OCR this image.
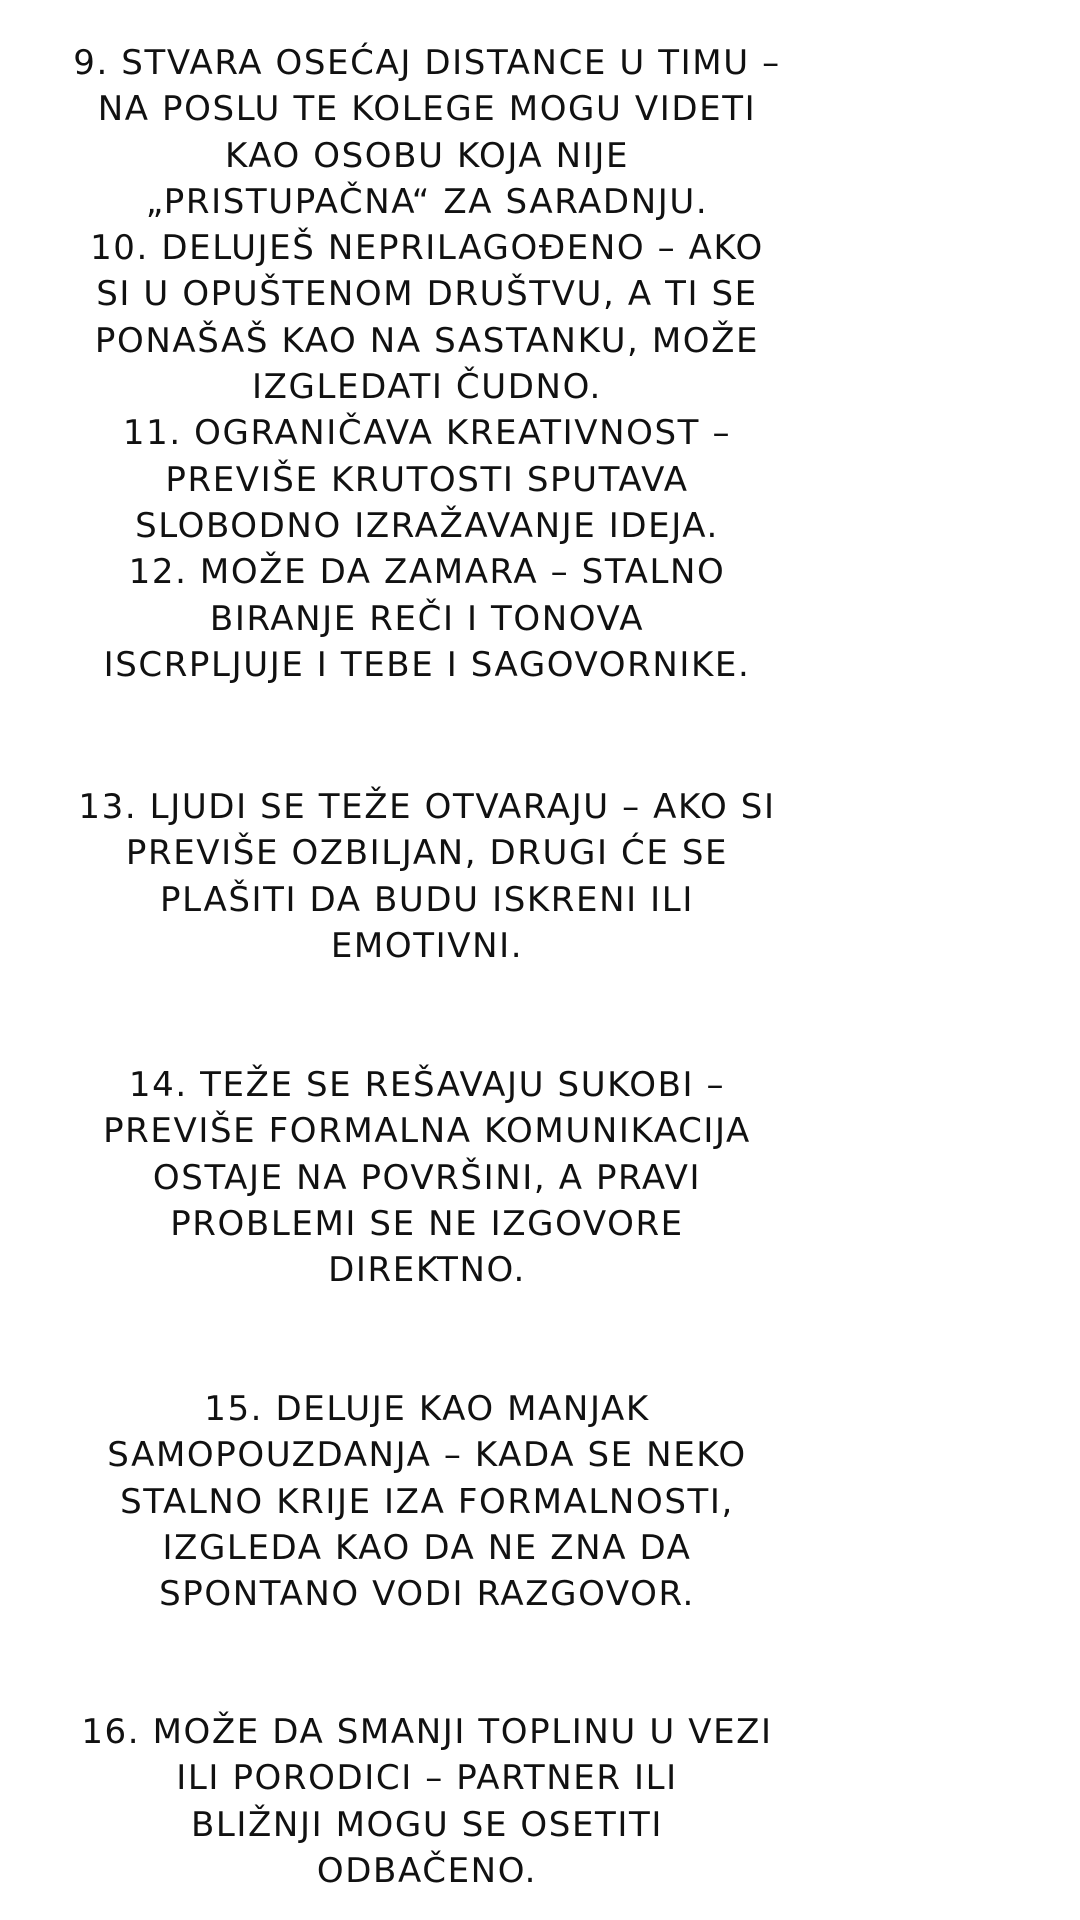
9. STVARA OSEĆAJ DISTANCE U TIMU –
NA POSLU TE KOLEGE MOGU VIDETI
KAO OSOBU KOJA NIJE
„PRISTUPAČNA“ ZA SARADNJU.
10. DELUJEŠ NEPRILAGOĐENO – AKO
SI U OPUŠTENOM DRUŠTVU, A TI SE
PONAŠAŠ KAO NA SASTANKU, MOŽE
IZGLEDATI ČUDNO.
11. OGRANIČAVA KREATIVNOST –
PREVIŠE KRUTOSTI SPUTAVA
SLOBODNO IZRAŽAVANJE IDEJA.
12. MOŽE DA ZAMARA – STALNO
BIRANJE REČI I TONOVA
ISCRPLJUJE I TEBE I SAGOVORNIKE.

13. LJUDI SE TEŽE OTVARAJU – AKO SI
PREVIŠE OZBILJAN, DRUGI ĆE SE
PLAŠITI DA BUDU ISKRENI ILI
EMOTIVNI.

14. TEŽE SE REŠAVAJU SUKOBI –
PREVIŠE FORMALNA KOMUNIKACIJA
OSTAJE NA POVRŠINI, A PRAVI
PROBLEMI SE NE IZGOVORE
DIREKTNO.

15. DELUJE KAO MANJAK
SAMOPOUZDANJA – KADA SE NEKO
STALNO KRIJE IZA FORMALNOSTI,
IZGLEDA KAO DA NE ZNA DA
SPONTANO VODI RAZGOVOR.

16. MOŽE DA SMANJI TOPLINU U VEZI
ILI PORODICI – PARTNER ILI
BLIŽNJI MOGU SE OSETITI
ODBAČENO.
